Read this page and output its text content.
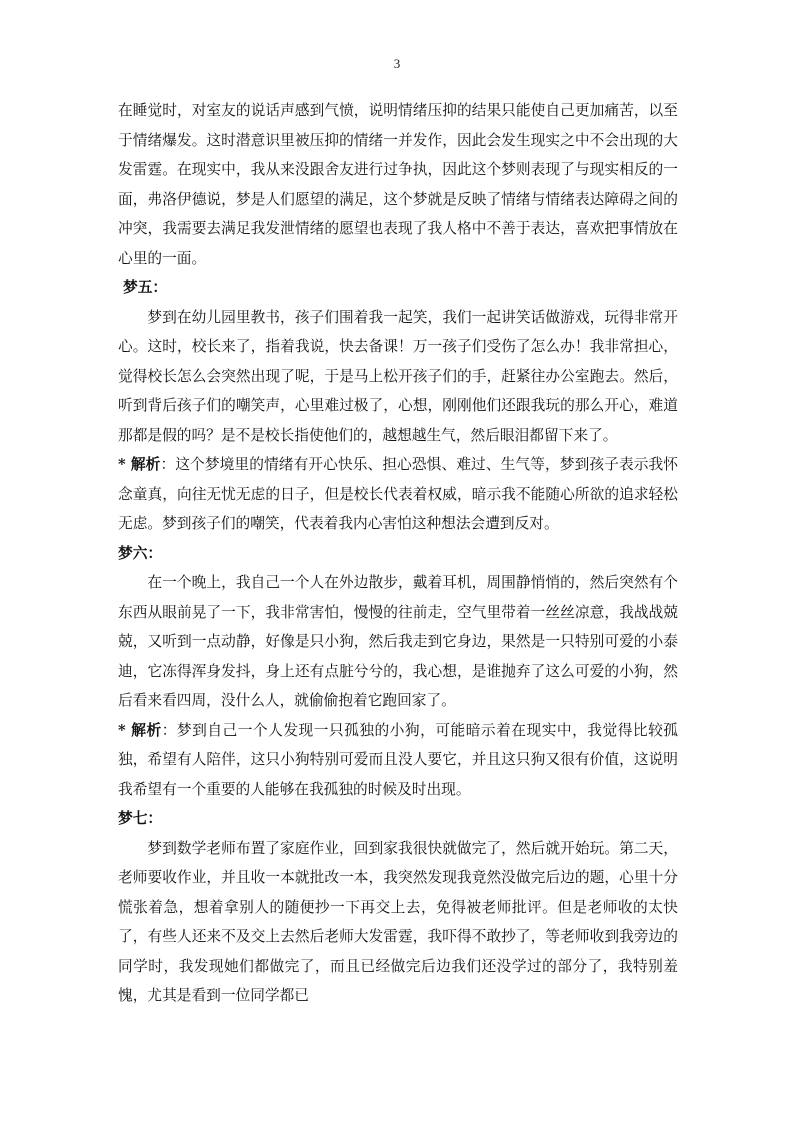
3

在睡觉时，对室友的说话声感到气愤，说明情绪压抑的结果只能使自己更加痛苦，以至于情绪爆发。这时潜意识里被压抑的情绪一并发作，因此会发生现实之中不会出现的大发雷霆。在现实中，我从来没跟舍友进行过争执，因此这个梦则表现了与现实相反的一面，弗洛伊德说，梦是人们愿望的满足，这个梦就是反映了情绪与情绪表达障碍之间的冲突，我需要去满足我发泄情绪的愿望也表现了我人格中不善于表达，喜欢把事情放在心里的一面。

梦五：

梦到在幼儿园里教书，孩子们围着我一起笑，我们一起讲笑话做游戏，玩得非常开心。这时，校长来了，指着我说，快去备课！万一孩子们受伤了怎么办！我非常担心，觉得校长怎么会突然出现了呢，于是马上松开孩子们的手，赶紧往办公室跑去。然后，听到背后孩子们的嘲笑声，心里难过极了，心想，刚刚他们还跟我玩的那么开心，难道那都是假的吗？是不是校长指使他们的，越想越生气，然后眼泪都留下来了。

* 解析：这个梦境里的情绪有开心快乐、担心恐惧、难过、生气等，梦到孩子表示我怀念童真，向往无忧无虑的日子，但是校长代表着权威，暗示我不能随心所欲的追求轻松无虑。梦到孩子们的嘲笑，代表着我内心害怕这种想法会遭到反对。

梦六：

在一个晚上，我自己一个人在外边散步，戴着耳机，周围静悄悄的，然后突然有个东西从眼前晃了一下，我非常害怕，慢慢的往前走，空气里带着一丝丝凉意，我战战兢兢，又听到一点动静，好像是只小狗，然后我走到它身边，果然是一只特别可爱的小泰迪，它冻得浑身发抖，身上还有点脏兮兮的，我心想，是谁抛弃了这么可爱的小狗，然后看来看四周，没什么人，就偷偷抱着它跑回家了。

* 解析：梦到自己一个人发现一只孤独的小狗，可能暗示着在现实中，我觉得比较孤独，希望有人陪伴，这只小狗特别可爱而且没人要它，并且这只狗又很有价值，这说明我希望有一个重要的人能够在我孤独的时候及时出现。

梦七：

梦到数学老师布置了家庭作业，回到家我很快就做完了，然后就开始玩。第二天，老师要收作业，并且收一本就批改一本，我突然发现我竟然没做完后边的题，心里十分慌张着急，想着拿别人的随便抄一下再交上去，免得被老师批评。但是老师收的太快了，有些人还来不及交上去然后老师大发雷霆，我吓得不敢抄了，等老师收到我旁边的同学时，我发现她们都做完了，而且已经做完后边我们还没学过的部分了，我特别羞愧，尤其是看到一位同学都已
